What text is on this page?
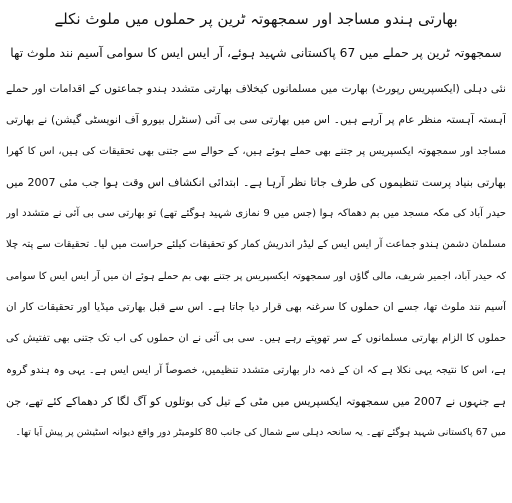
بھارتی ہندو مساجد اور سمجھوتہ ٹرین پر حملوں میں ملوث نکلے
سمجھوتہ ٹرین پر حملے میں 67 پاکستانی شہید ہوئے، آر ایس ایس کا سوامی آسیم نند ملوث تھا
نئی دہلی (ایکسپریس رپورٹ) بھارت میں مسلمانوں کیخلاف بھارتی متشدد ہندو جماعتوں کے اقدامات اور حملے
آہستہ آہستہ منظر عام پر آرہے ہیں۔ اس میں بھارتی سی بی آئی (سنٹرل بیورو آف انویسٹی گیشن) نے بھارتی
مساجد اور سمجھوتہ ایکسپریس پر جتنے بھی حملے ہوئے ہیں، کے حوالے سے جتنی بھی تحقیقات کی ہیں، اس کا کھرا
بھارتی بنیاد پرست تنظیموں کی طرف جاتا نظر آرہا ہے۔ ابتدائی انکشاف اس وقت ہوا جب مئی 2007 میں
حیدر آباد کی مکہ مسجد میں بم دھماکہ ہوا (جس میں 9 نمازی شہید ہوگئے تھے) تو بھارتی سی بی آئی نے متشدد اور
مسلمان دشمن ہندو جماعت آر ایس ایس کے لیڈر اندریش کمار کو تحقیقات کیلئے حراست میں لیا۔ تحقیقات سے پتہ چلا
کہ حیدر آباد، اجمیر شریف، مالی گاؤں اور سمجھوتہ ایکسپریس پر جتنے بھی بم حملے ہوئے ان میں آر ایس ایس کا سوامی
آسیم نند ملوث تھا، جسے ان حملوں کا سرغنہ بھی قرار دیا جاتا ہے۔ اس سے قبل بھارتی میڈیا اور تحقیقات کار ان
حملوں کا الزام بھارتی مسلمانوں کے سر تھوپتے رہے ہیں۔ سی بی آئی نے ان حملوں کی اب تک جتنی بھی تفتیش کی
ہے، اس کا نتیجہ یہی نکلا ہے کہ ان کے ذمہ دار بھارتی متشدد تنظیمیں، خصوصاً آر ایس ایس ہے۔ یہی وہ ہندو گروہ
ہے جنہوں نے 2007 میں سمجھوتہ ایکسپریس میں مٹی کے تیل کی بوتلوں کو آگ لگا کر دھماکے کئے تھے، جن
میں 67 پاکستانی شہید ہوگئے تھے۔ یہ سانحہ دہلی سے شمال کی جانب 80 کلومیٹر دور واقع دیوانہ اسٹیشن پر پیش آیا تھا۔
